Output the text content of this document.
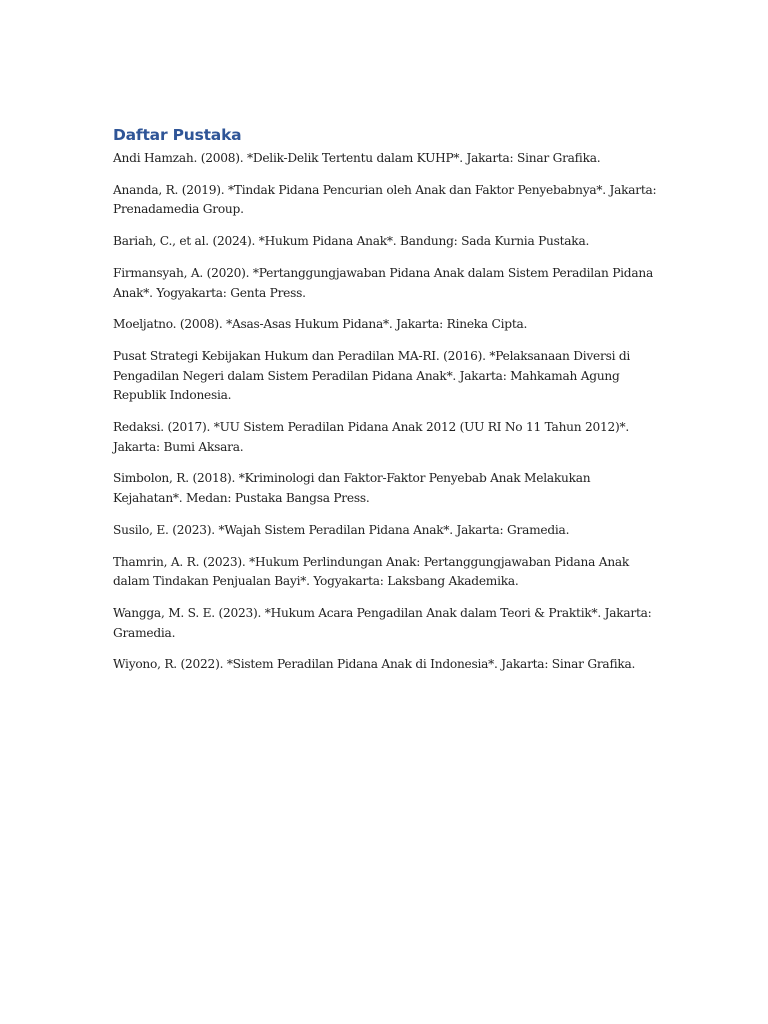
Daftar Pustaka
Andi Hamzah. (2008). *Delik-Delik Tertentu dalam KUHP*. Jakarta: Sinar Grafika.
Ananda, R. (2019). *Tindak Pidana Pencurian oleh Anak dan Faktor Penyebabnya*. Jakarta: Prenadamedia Group.
Bariah, C., et al. (2024). *Hukum Pidana Anak*. Bandung: Sada Kurnia Pustaka.
Firmansyah, A. (2020). *Pertanggungjawaban Pidana Anak dalam Sistem Peradilan Pidana Anak*. Yogyakarta: Genta Press.
Moeljatno. (2008). *Asas-Asas Hukum Pidana*. Jakarta: Rineka Cipta.
Pusat Strategi Kebijakan Hukum dan Peradilan MA-RI. (2016). *Pelaksanaan Diversi di Pengadilan Negeri dalam Sistem Peradilan Pidana Anak*. Jakarta: Mahkamah Agung Republik Indonesia.
Redaksi. (2017). *UU Sistem Peradilan Pidana Anak 2012 (UU RI No 11 Tahun 2012)*. Jakarta: Bumi Aksara.
Simbolon, R. (2018). *Kriminologi dan Faktor-Faktor Penyebab Anak Melakukan Kejahatan*. Medan: Pustaka Bangsa Press.
Susilo, E. (2023). *Wajah Sistem Peradilan Pidana Anak*. Jakarta: Gramedia.
Thamrin, A. R. (2023). *Hukum Perlindungan Anak: Pertanggungjawaban Pidana Anak dalam Tindakan Penjualan Bayi*. Yogyakarta: Laksbang Akademika.
Wangga, M. S. E. (2023). *Hukum Acara Pengadilan Anak dalam Teori & Praktik*. Jakarta: Gramedia.
Wiyono, R. (2022). *Sistem Peradilan Pidana Anak di Indonesia*. Jakarta: Sinar Grafika.
